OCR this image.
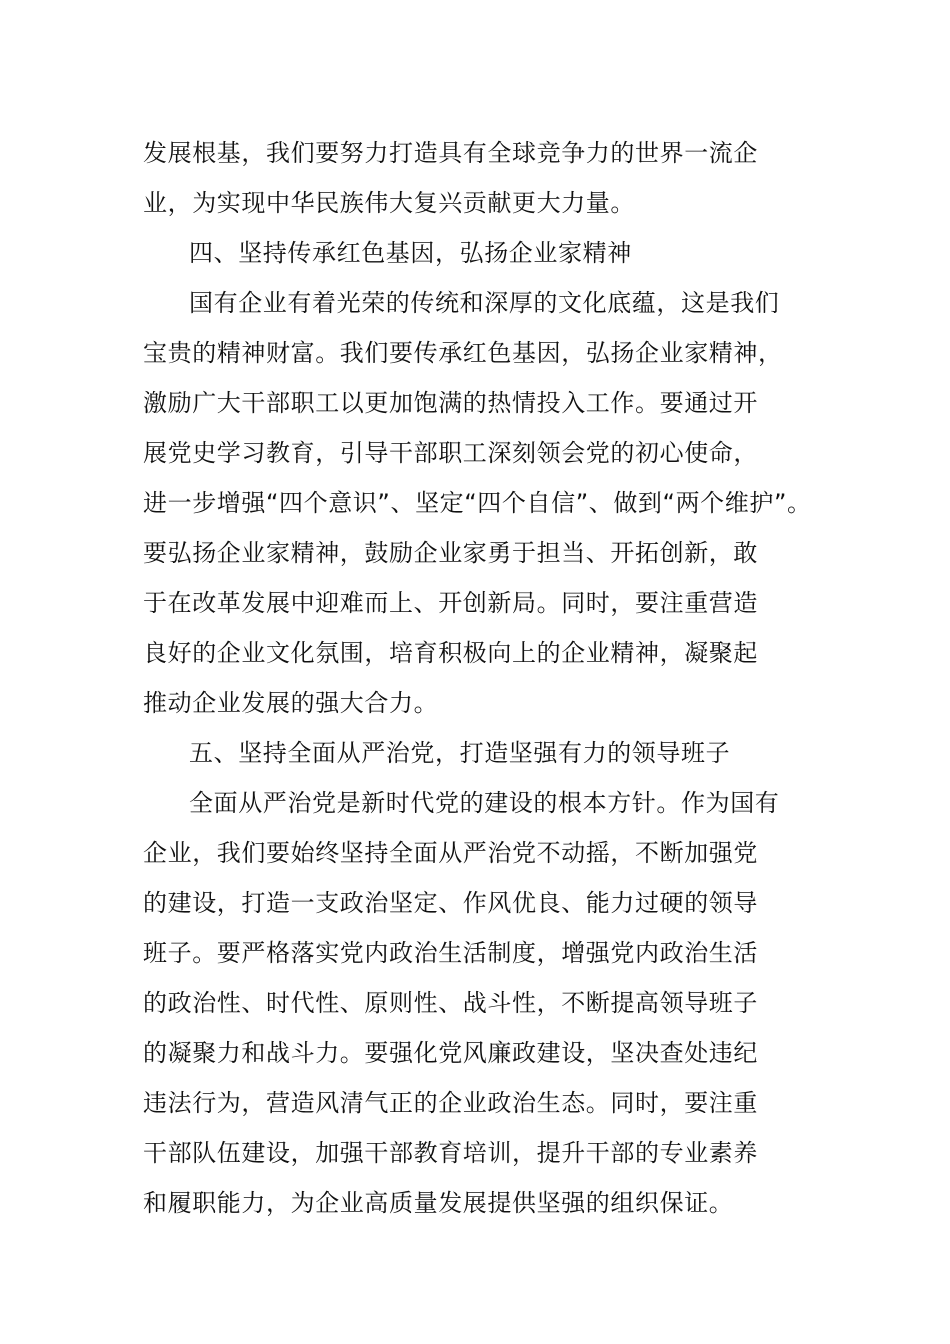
发展根基，我们要努力打造具有全球竞争力的世界一流企
业，为实现中华民族伟大复兴贡献更大力量。
四、坚持传承红色基因，弘扬企业家精神
国有企业有着光荣的传统和深厚的文化底蕴，这是我们
宝贵的精神财富。我们要传承红色基因，弘扬企业家精神，
激励广大干部职工以更加饱满的热情投入工作。要通过开
展党史学习教育，引导干部职工深刻领会党的初心使命，
进一步增强“四个意识”、坚定“四个自信”、做到“两个维护”。
要弘扬企业家精神，鼓励企业家勇于担当、开拓创新，敢
于在改革发展中迎难而上、开创新局。同时，要注重营造
良好的企业文化氛围，培育积极向上的企业精神，凝聚起
推动企业发展的强大合力。
五、坚持全面从严治党，打造坚强有力的领导班子
全面从严治党是新时代党的建设的根本方针。作为国有
企业，我们要始终坚持全面从严治党不动摇，不断加强党
的建设，打造一支政治坚定、作风优良、能力过硬的领导
班子。要严格落实党内政治生活制度，增强党内政治生活
的政治性、时代性、原则性、战斗性，不断提高领导班子
的凝聚力和战斗力。要强化党风廉政建设，坚决查处违纪
违法行为，营造风清气正的企业政治生态。同时，要注重
干部队伍建设，加强干部教育培训，提升干部的专业素养
和履职能力，为企业高质量发展提供坚强的组织保证。
